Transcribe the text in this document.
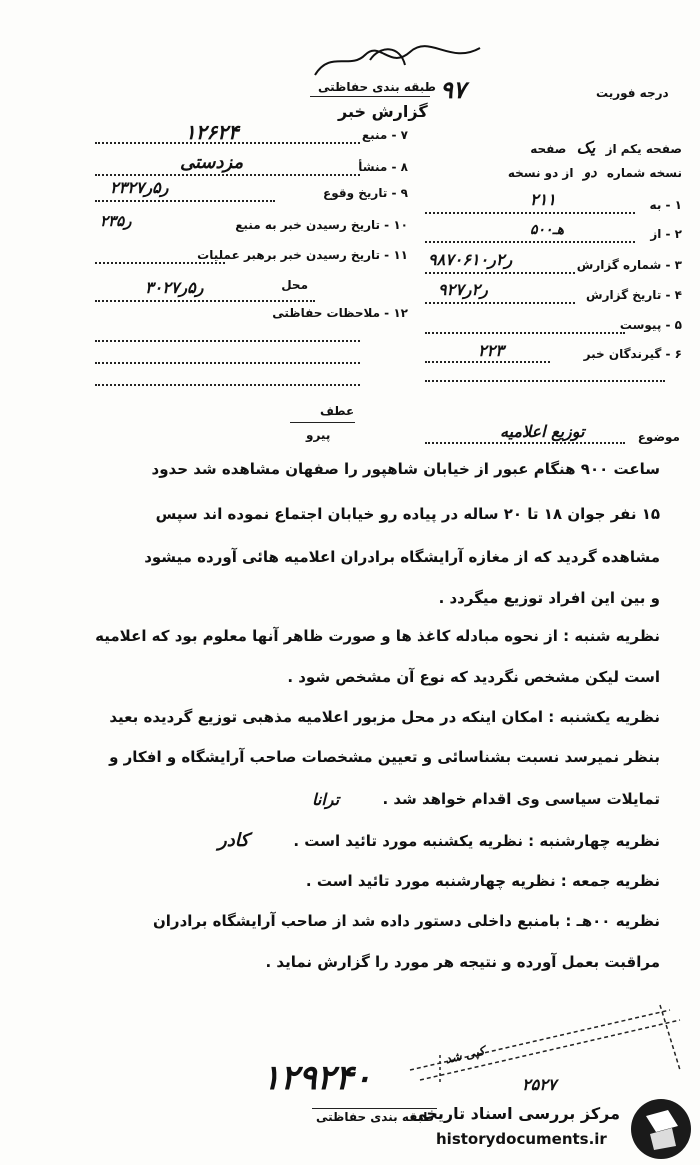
طبقه بندی حفاظتی ۹۷
گزارش خبر
درجه فوریت
صفحه یکم از یک صفحه
نسخه شماره دو از دو نسخه
۱ - به
۲۱۱
۲ - از
۵۰۰هـ
۳ - شماره گزارش
۹۸۷۰۶ر۲ر۱۰
۴ - تاریخ گزارش
۹ر۲ر۲۷
۵ - پیوست
۶ - گیرندگان خبر
۲۲۳
۷ - منبع
۱۲۶۲۴
۸ - منشأ
مزدستی
۹ - تاریخ وقوع
۲۳ر۵ر۲۷
۱۰ - تاریخ رسیدن خبر به منبع
۲۳ر۵
۱۱ - تاریخ رسیدن خبر برهبر عملیات
محل
۳۰ر۵ر۲۷
۱۲ - ملاحظات حفاظتی
عطف
پیرو	موضوع
توزیع اعلامیه
ساعت ۹۰۰ هنگام عبور از خیابان شاهپور را صفهان مشاهده شد حدود
۱۵ نفر جوان ۱۸ تا ۲۰ ساله در پیاده رو خیابان اجتماع نموده اند سپس
مشاهده گردید که از مغازه آرایشگاه برادران اعلامیه هائی آورده میشود
و بین این افراد توزیع میگردد .
نظریه شنبه : از نحوه مبادله کاغذ ها و صورت ظاهر آنها معلوم بود که اعلامیه
است لیکن مشخص نگردید که نوع آن مشخص شود .
نظریه یکشنبه : امکان اینکه در محل مزبور اعلامیه مذهبی توزیع گردیده بعید
بنظر نمیرسد نسبت بشناسائی و تعیین مشخصات صاحب آرایشگاه و افکار و
تمایلات سیاسی وی اقدام خواهد شد .
نظریه چهارشنبه : نظریه یکشنبه مورد تائید است .
نظریه جمعه : نظریه چهارشنبه مورد تائید است .
نظریه ۰۰هـ : بامنبع داخلی دستور داده شد از صاحب آرایشگاه برادران
مراقبت بعمل آورده و نتیجه هر مورد را گزارش نماید .
ترانا
کادر
کپی شد
۱۲۹۲۴۰	۲۵۲۷
طبقه بندی حفاظتی
مرکز بررسی اسناد تاریخی
historydocuments.ir
